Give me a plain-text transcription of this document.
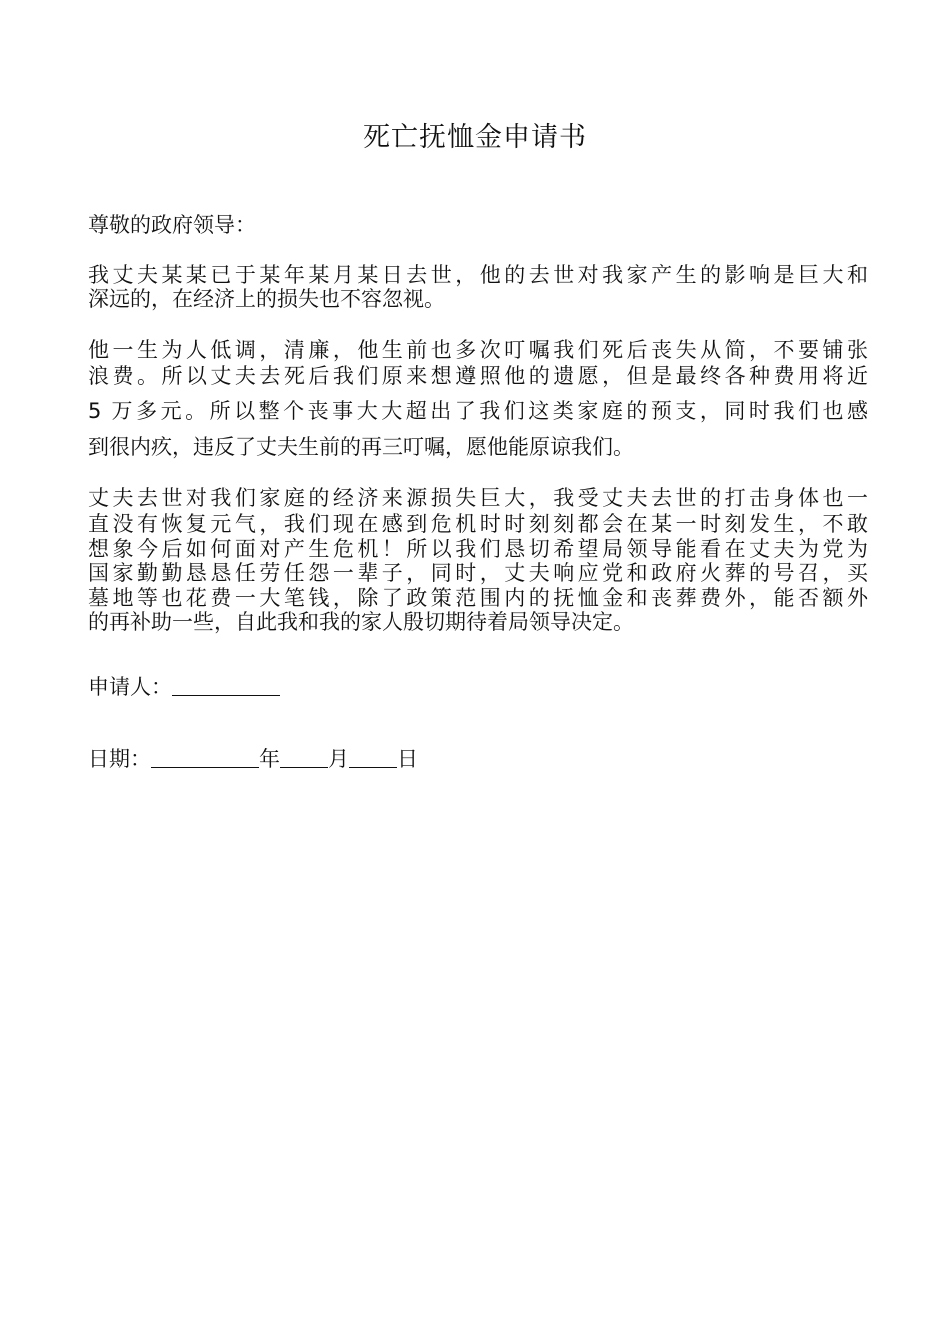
死亡抚恤金申请书
尊敬的政府领导：
我丈夫某某已于某年某月某日去世，他的去世对我家产生的影响是巨大和
深远的，在经济上的损失也不容忽视。
他一生为人低调，清廉，他生前也多次叮嘱我们死后丧失从简，不要铺张
浪费。所以丈夫去死后我们原来想遵照他的遗愿，但是最终各种费用将近
5 万多元。所以整个丧事大大超出了我们这类家庭的预支，同时我们也感
到很内疚，违反了丈夫生前的再三叮嘱，愿他能原谅我们。
丈夫去世对我们家庭的经济来源损失巨大，我受丈夫去世的打击身体也一
直没有恢复元气，我们现在感到危机时时刻刻都会在某一时刻发生，不敢
想象今后如何面对产生危机！所以我们恳切希望局领导能看在丈夫为党为
国家勤勤恳恳任劳任怨一辈子，同时，丈夫响应党和政府火葬的号召，买
墓地等也花费一大笔钱，除了政策范围内的抚恤金和丧葬费外，能否额外
的再补助一些，自此我和我的家人殷切期待着局领导决定。
申请人：
日期：	年 月 日
